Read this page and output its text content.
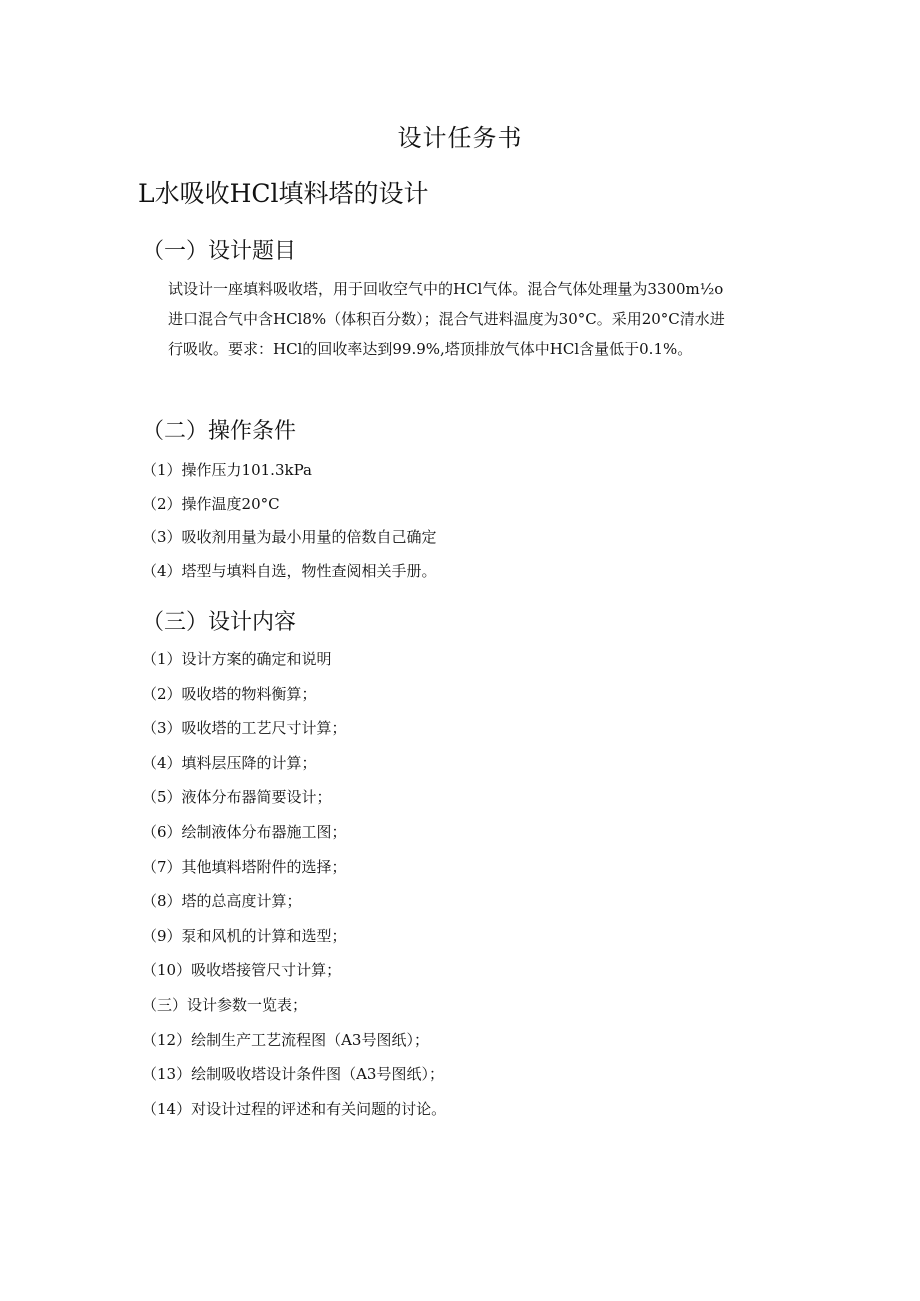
设计任务书
L水吸收HCl填料塔的设计
（一）设计题目

试设计一座填料吸收塔，用于回收空气中的HCl气体。混合气体处理量为3300m½o
进口混合气中含HCl8%（体积百分数）；混合气进料温度为30°C。采用20°C清水进
行吸收。要求：HCl的回收率达到99.9%,塔顶排放气体中HCl含量低于0.1%。

（二）操作条件
（1）操作压力101.3kPa
（2）操作温度20°C
（3）吸收剂用量为最小用量的倍数自己确定
（4）塔型与填料自选，物性查阅相关手册。
（三）设计内容
（1）设计方案的确定和说明
（2）吸收塔的物料衡算；
（3）吸收塔的工艺尺寸计算；
（4）填料层压降的计算；
（5）液体分布器简要设计；
（6）绘制液体分布器施工图；
（7）其他填料塔附件的选择；
（8）塔的总高度计算；
（9）泵和风机的计算和选型；
（10）吸收塔接管尺寸计算；
（三）设计参数一览表；
（12）绘制生产工艺流程图（A3号图纸）；
（13）绘制吸收塔设计条件图（A3号图纸）；
（14）对设计过程的评述和有关问题的讨论。
